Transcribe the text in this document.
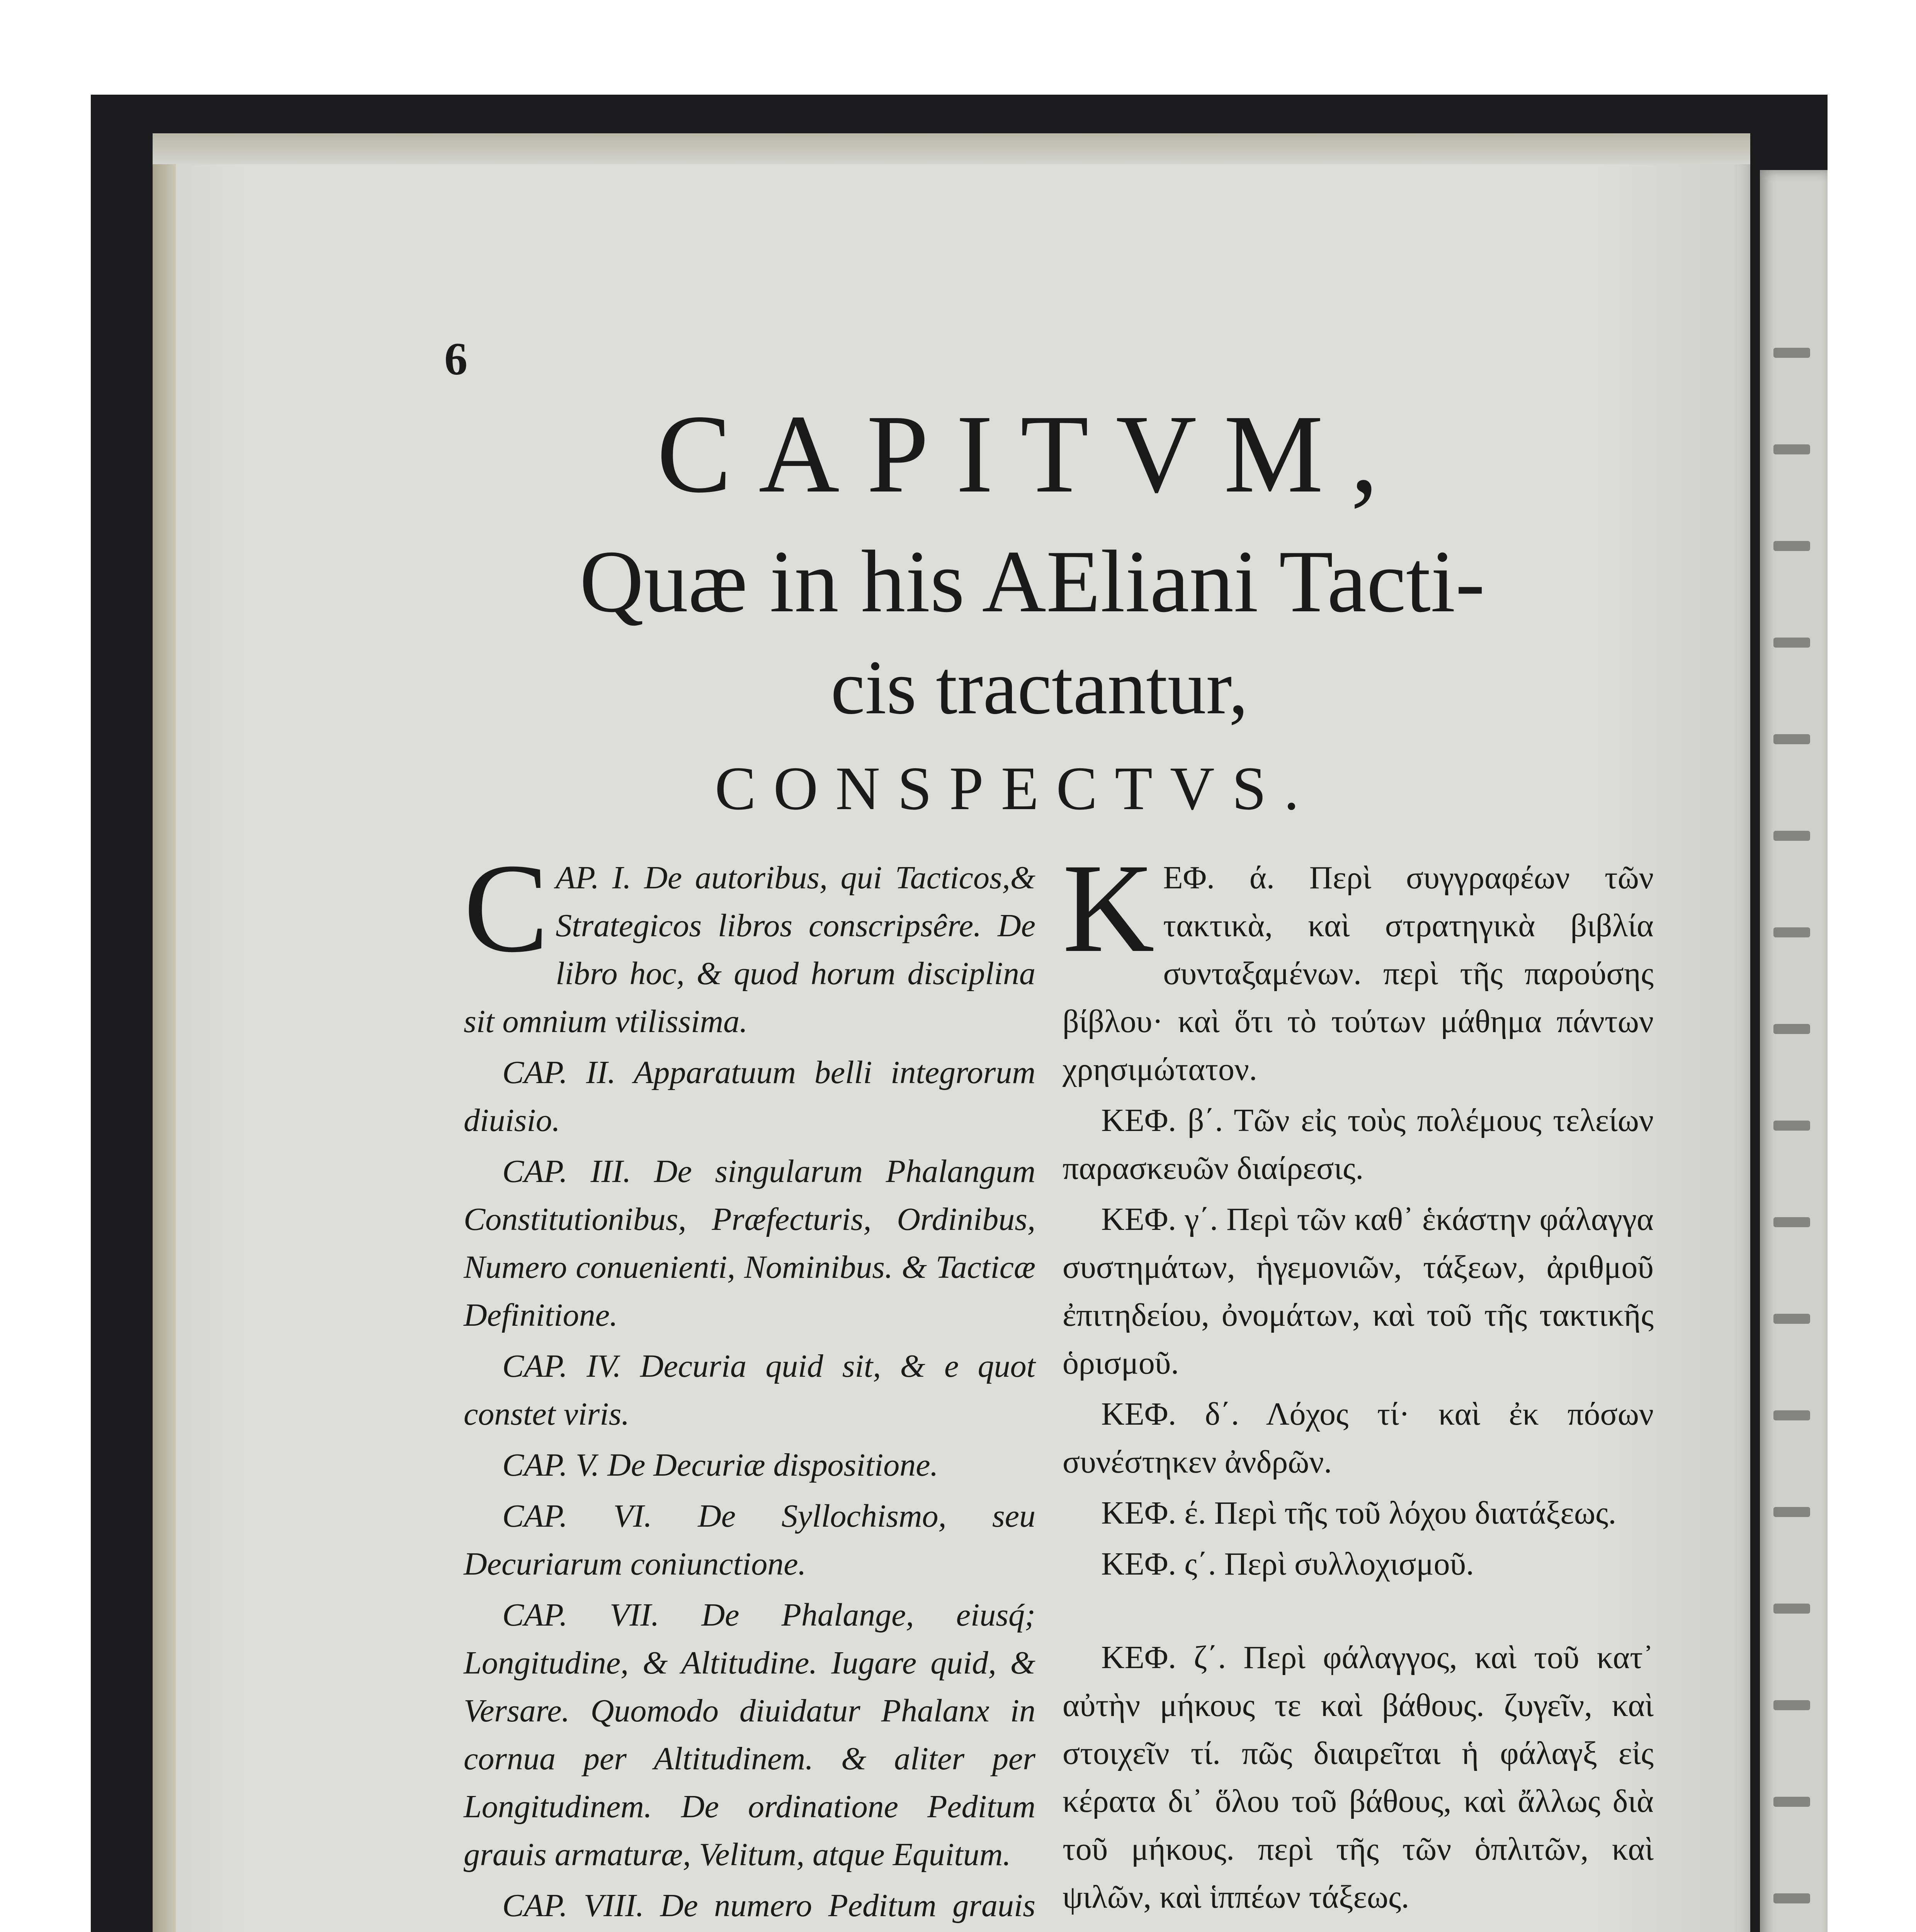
6
CAPITVM,
Quæ in his AEliani Tacti-
cis tractantur,
CONSPECTVS.

CAP. I. De autoribus, qui Tacticos,& Strategicos libros conscripsêre. De libro hoc, & quod horum disciplina sit omnium vtilissima.

CAP. II. Apparatuum belli integrorum diuisio.

CAP. III. De singularum Phalangum Constitutionibus, Præfecturis, Ordinibus, Numero conuenienti, Nominibus. & Tacticæ Definitione.

CAP. IV. Decuria quid sit, & e quot constet viris.

CAP. V. De Decuriæ dispositione.

CAP. VI. De Syllochismo, seu Decuriarum coniunctione.

CAP. VII. De Phalange, eiusq́; Longitudine, & Altitudine. Iugare quid, & Versare. Quomodo diuidatur Phalanx in cornua per Altitudinem. & aliter per Longitudinem. De ordinatione Peditum grauis armaturæ, Velitum, atque Equitum.

CAP. VIII. De numero Peditum grauis

KΕΦ. ά. Περὶ συγγραφέων τῶν τακτικὰ, καὶ στρατηγικὰ βιβλία συνταξαμένων. περὶ τῆς παρούσης βίβλου· καὶ ὅτι τὸ τούτων μάθημα πάντων χρησιμώτατον.

ΚΕΦ. β΄. Τῶν εἰς τοὺς πολέμους τελείων παρασκευῶν διαίρεσις.

ΚΕΦ. γ΄. Περὶ τῶν καθ᾽ ἑκάστην φάλαγγα συστημάτων, ἡγεμονιῶν, τάξεων, ἀριθμοῦ ἐπιτηδείου, ὀνομάτων, καὶ τοῦ τῆς τακτικῆς ὁρισμοῦ.

ΚΕΦ. δ΄. Λόχος τί· καὶ ἐκ πόσων συνέστηκεν ἀνδρῶν.

ΚΕΦ. έ. Περὶ τῆς τοῦ λόχου διατάξεως.

ΚΕΦ. ς΄. Περὶ συλλοχισμοῦ.

ΚΕΦ. ζ΄. Περὶ φάλαγγος, καὶ τοῦ κατ᾽ αὐτὴν μήκους τε καὶ βάθους. ζυγεῖν, καὶ στοιχεῖν τί. πῶς διαιρεῖται ἡ φάλαγξ εἰς κέρατα δι᾽ ὅλου τοῦ βάθους, καὶ ἄλλως διὰ τοῦ μήκους. περὶ τῆς τῶν ὁπλιτῶν, καὶ ψιλῶν, καὶ ἱππέων τάξεως.
